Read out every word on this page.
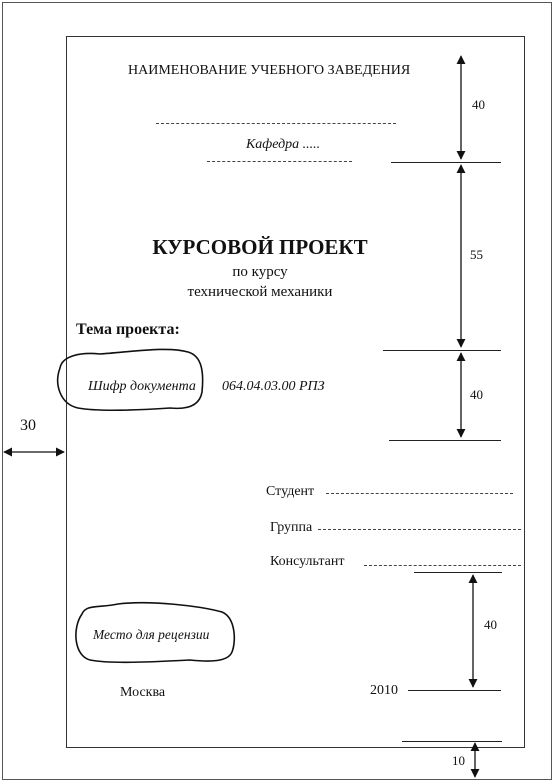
НАИМЕНОВАНИЕ УЧЕБНОГО ЗАВЕДЕНИЯ
Кафедра .....
КУРСОВОЙ ПРОЕКТ
по курсу
технической механики
Тема проекта:
Шифр документа 064.04.03.00 РПЗ
Студент
Группа
Консультант
Место для рецензии
Москва	2010
40
55
40
40
30
10
